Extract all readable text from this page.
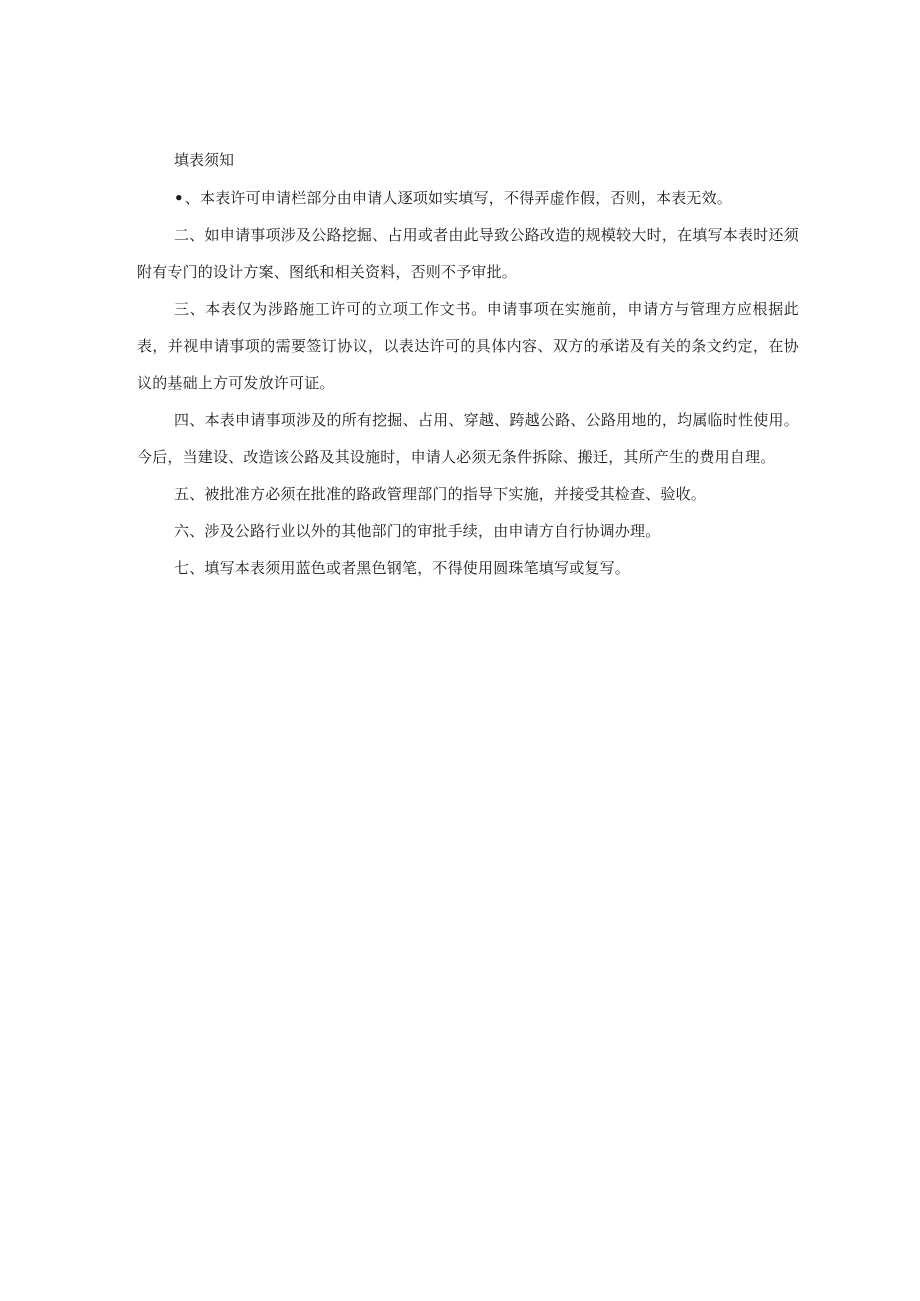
填表须知

•、本表许可申请栏部分由申请人逐项如实填写，不得弄虚作假，否则，本表无效。

二、如申请事项涉及公路挖掘、占用或者由此导致公路改造的规模较大时，在填写本表时还须附有专门的设计方案、图纸和相关资料，否则不予审批。

三、本表仅为涉路施工许可的立项工作文书。申请事项在实施前，申请方与管理方应根据此表，并视申请事项的需要签订协议，以表达许可的具体内容、双方的承诺及有关的条文约定，在协议的基础上方可发放许可证。

四、本表申请事项涉及的所有挖掘、占用、穿越、跨越公路、公路用地的，均属临时性使用。今后，当建设、改造该公路及其设施时，申请人必须无条件拆除、搬迁，其所产生的费用自理。

五、被批准方必须在批准的路政管理部门的指导下实施，并接受其检查、验收。

六、涉及公路行业以外的其他部门的审批手续，由申请方自行协调办理。

七、填写本表须用蓝色或者黑色钢笔，不得使用圆珠笔填写或复写。
